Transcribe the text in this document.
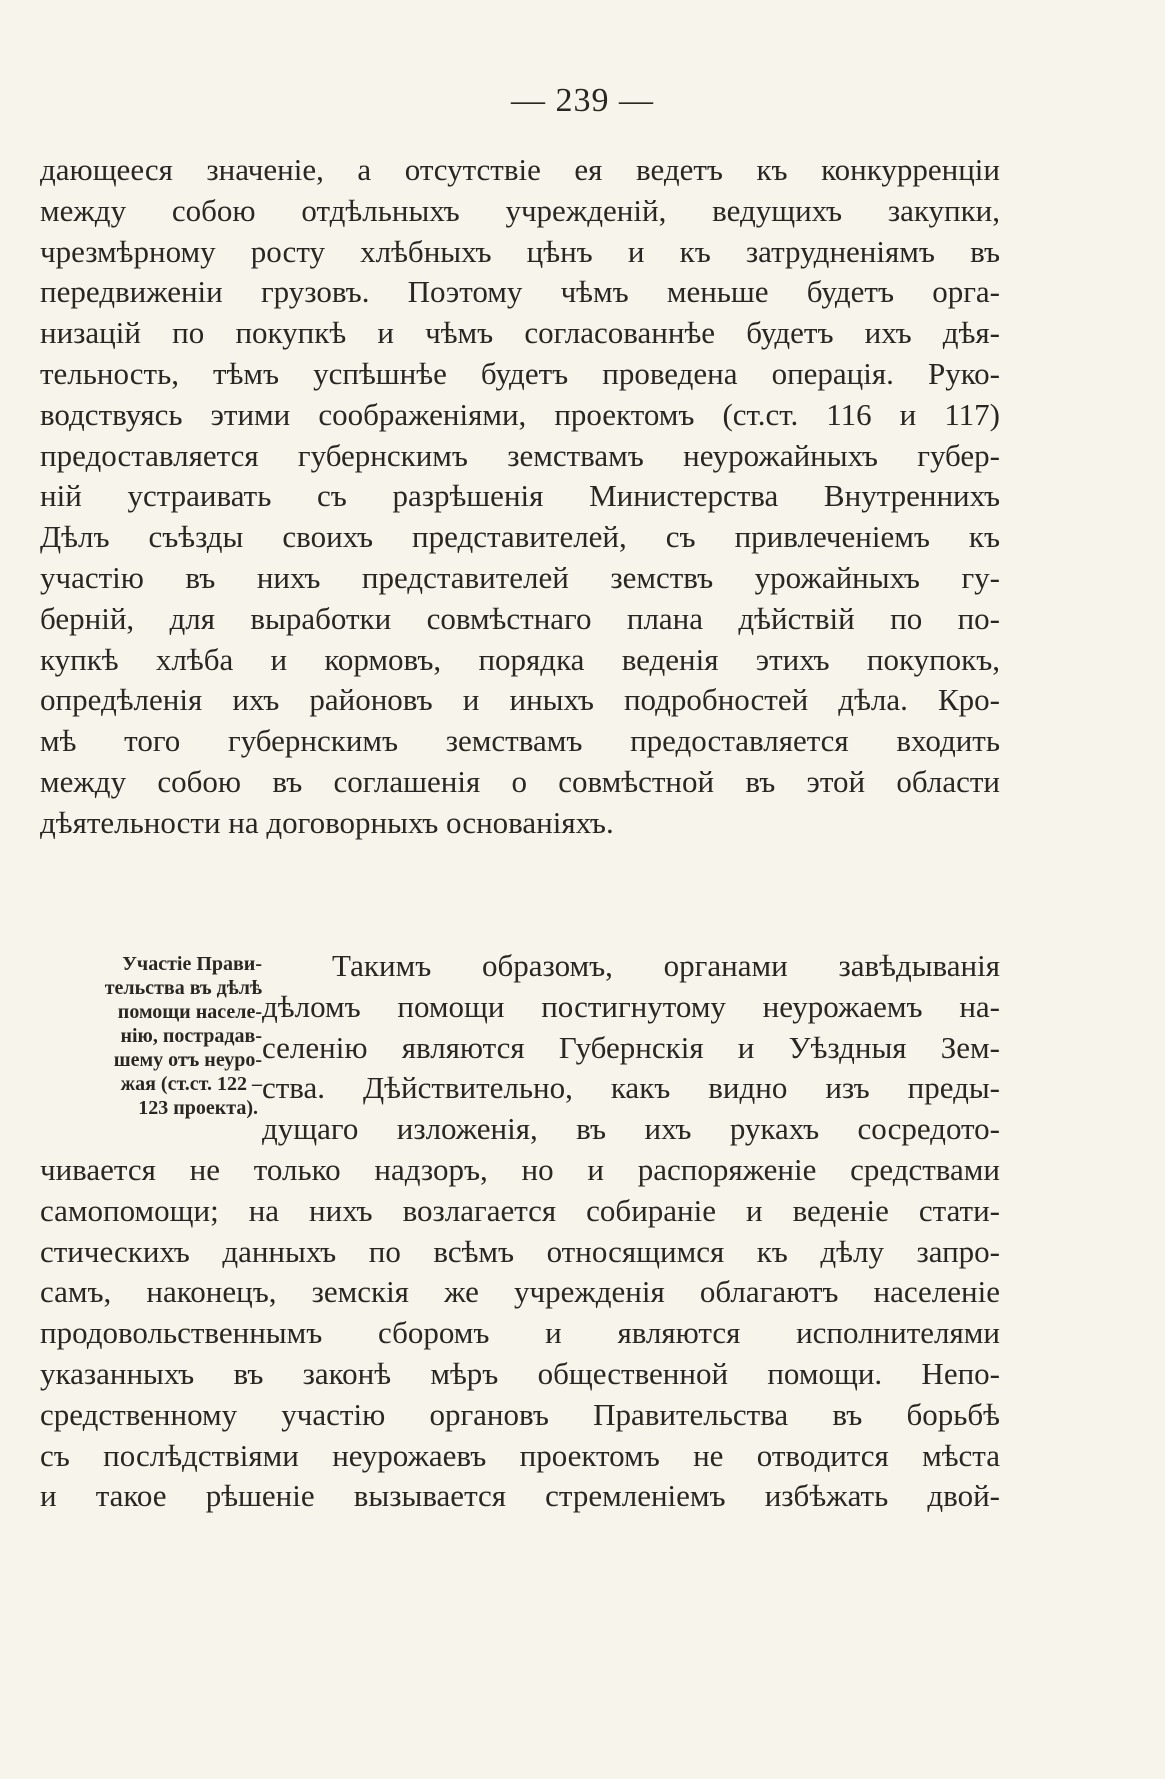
— 239 —
дающееся значеніе, а отсутствіе ея ведетъ къ конкурренціи
между собою отдѣльныхъ учрежденій, ведущихъ закупки,
чрезмѣрному росту хлѣбныхъ цѣнъ и къ затрудненіямъ въ
передвиженіи грузовъ. Поэтому чѣмъ меньше будетъ орга-
низацій по покупкѣ и чѣмъ согласованнѣе будетъ ихъ дѣя-
тельность, тѣмъ успѣшнѣе будетъ проведена операція. Руко-
водствуясь этими соображеніями, проектомъ (ст.ст. 116 и 117)
предоставляется губернскимъ земствамъ неурожайныхъ губер-
ній устраивать съ разрѣшенія Министерства Внутреннихъ
Дѣлъ съѣзды своихъ представителей, съ привлеченіемъ къ
участію въ нихъ представителей земствъ урожайныхъ гу-
берній, для выработки совмѣстнаго плана дѣйствій по по-
купкѣ хлѣба и кормовъ, порядка веденія этихъ покупокъ,
опредѣленія ихъ районовъ и иныхъ подробностей дѣла. Кро-
мѣ того губернскимъ земствамъ предоставляется входить
между собою въ соглашенія о совмѣстной въ этой области
дѣятельности на договорныхъ основаніяхъ.
Участіе Прави-
тельства въ дѣлѣ
помощи населе-
нію, пострадав-
шему отъ неуро-
жая (ст.ст. 122 –
123 проекта).
Такимъ образомъ, органами завѣдыванія
дѣломъ помощи постигнутому неурожаемъ на-
селенію являются Губернскія и Уѣздныя Зем-
ства. Дѣйствительно, какъ видно изъ преды-
дущаго изложенія, въ ихъ рукахъ сосредото-
чивается не только надзоръ, но и распоряженіе средствами
самопомощи; на нихъ возлагается собираніе и веденіе стати-
стическихъ данныхъ по всѣмъ относящимся къ дѣлу запро-
самъ, наконецъ, земскія же учрежденія облагаютъ населеніе
продовольственнымъ сборомъ и являются исполнителями
указанныхъ въ законѣ мѣръ общественной помощи. Непо-
средственному участію органовъ Правительства въ борьбѣ
съ послѣдствіями неурожаевъ проектомъ не отводится мѣста
и такое рѣшеніе вызывается стремленіемъ избѣжать двой-
